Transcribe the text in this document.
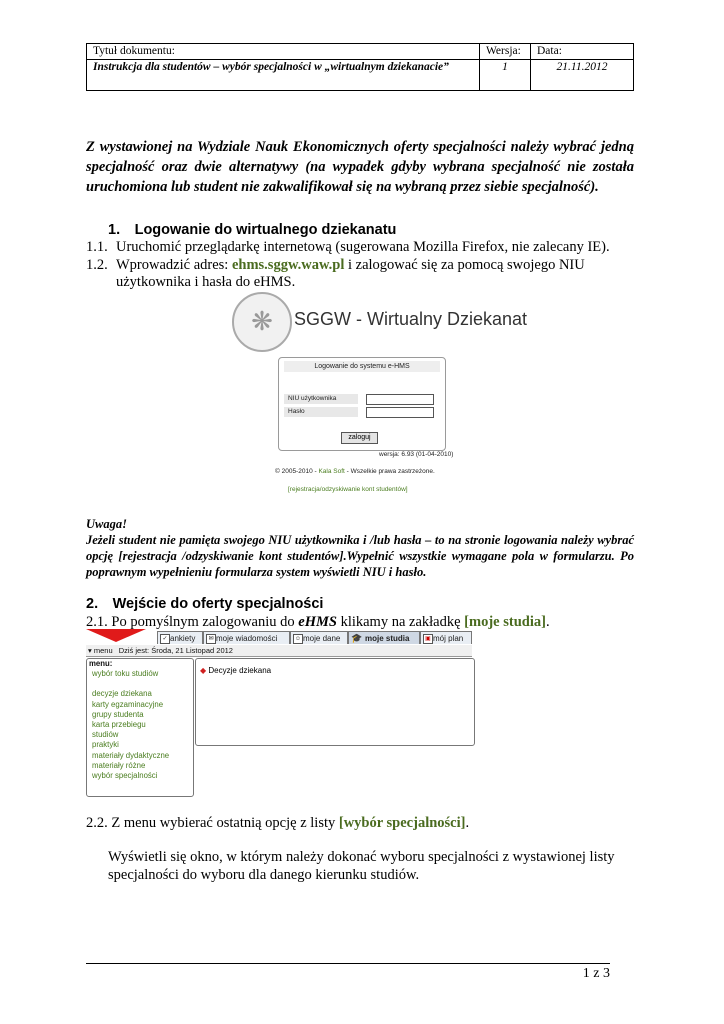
Tytuł dokumentu:	Wersja:	Data:
Instrukcja dla studentów – wybór specjalności w „wirtualnym dziekanacie”	1	21.11.2012
Z wystawionej na Wydziale Nauk Ekonomicznych oferty specjalności należy wybrać jedną specjalność oraz dwie alternatywy (na wypadek gdyby wybrana specjalność nie została uruchomiona lub student nie zakwalifikował się na wybraną przez siebie specjalność).
1. Logowanie do wirtualnego dziekanatu
1.1. Uruchomić przeglądarkę internetową (sugerowana Mozilla Firefox, nie zalecany IE).
1.2. Wprowadzić adres: ehms.sggw.waw.pl i zalogować się za pomocą swojego NIU
użytkownika i hasła do eHMS.
❋	SGGW - Wirtualny Dziekanat
Logowanie do systemu e-HMS
NIU użytkownika
Hasło
zaloguj
wersja: 6.93 (01-04-2010)
© 2005-2010 - Kala Soft - Wszelkie prawa zastrzeżone.
[rejestracja/odzyskiwanie kont studentów]
Uwaga!
Jeżeli student nie pamięta swojego NIU użytkownika i /lub hasła – to na stronie logowania należy wybrać opcję [rejestracja /odzyskiwanie kont studentów].Wypełnić wszystkie wymagane pola w formularzu. Po poprawnym wypełnieniu formularza system wyświetli NIU i hasło.
2. Wejście do oferty specjalności
2.1. Po pomyślnym zalogowaniu do eHMS klikamy na zakładkę [moje studia].
✓ ankiety	✉ moje wiadomości	☺ moje dane	🎓 moje studia	▣ mój plan
▾ menu Dziś jest: Środa, 21 Listopad 2012
menu:
wybór toku studiów
decyzje dziekana
karty egzaminacyjne
grupy studenta
karta przebiegu
studiów
praktyki
materiały dydaktyczne
materiały różne
wybór specjalności
◆ Decyzje dziekana
2.2. Z menu wybierać ostatnią opcję z listy [wybór specjalności].
Wyświetli się okno, w którym należy dokonać wyboru specjalności z wystawionej listy specjalności do wyboru dla danego kierunku studiów.
1 z 3
